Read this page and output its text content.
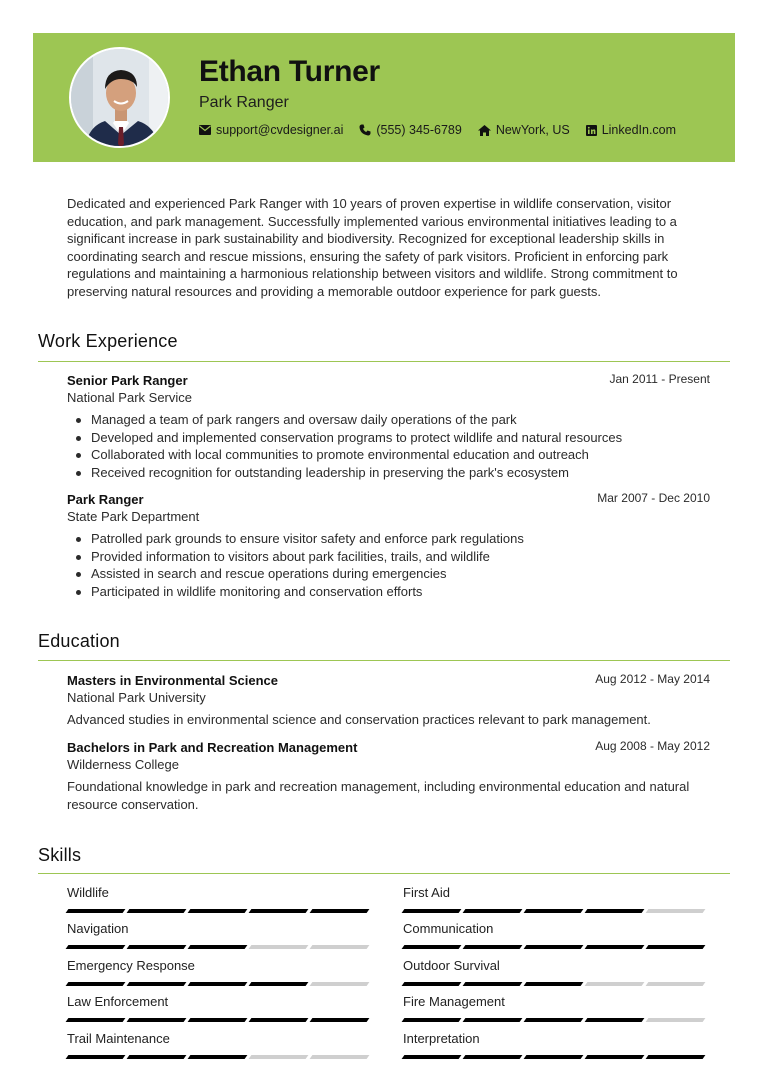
Ethan Turner
Park Ranger
support@cvdesigner.ai	(555) 345-6789	NewYork, US	LinkedIn.com
Dedicated and experienced Park Ranger with 10 years of proven expertise in wildlife conservation, visitor education, and park management. Successfully implemented various environmental initiatives leading to a significant increase in park sustainability and biodiversity. Recognized for exceptional leadership skills in coordinating search and rescue missions, ensuring the safety of park visitors. Proficient in enforcing park regulations and maintaining a harmonious relationship between visitors and wildlife. Strong commitment to preserving natural resources and providing a memorable outdoor experience for park guests.
Work Experience
Senior Park Ranger	Jan 2011 - Present
National Park Service
Managed a team of park rangers and oversaw daily operations of the park
Developed and implemented conservation programs to protect wildlife and natural resources
Collaborated with local communities to promote environmental education and outreach
Received recognition for outstanding leadership in preserving the park's ecosystem
Park Ranger	Mar 2007 - Dec 2010
State Park Department
Patrolled park grounds to ensure visitor safety and enforce park regulations
Provided information to visitors about park facilities, trails, and wildlife
Assisted in search and rescue operations during emergencies
Participated in wildlife monitoring and conservation efforts
Education
Masters in Environmental Science	Aug 2012 - May 2014
National Park University
Advanced studies in environmental science and conservation practices relevant to park management.
Bachelors in Park and Recreation Management	Aug 2008 - May 2012
Wilderness College
Foundational knowledge in park and recreation management, including environmental education and natural resource conservation.
Skills
Wildlife	First Aid
Navigation	Communication
Emergency Response	Outdoor Survival
Law Enforcement	Fire Management
Trail Maintenance	Interpretation
